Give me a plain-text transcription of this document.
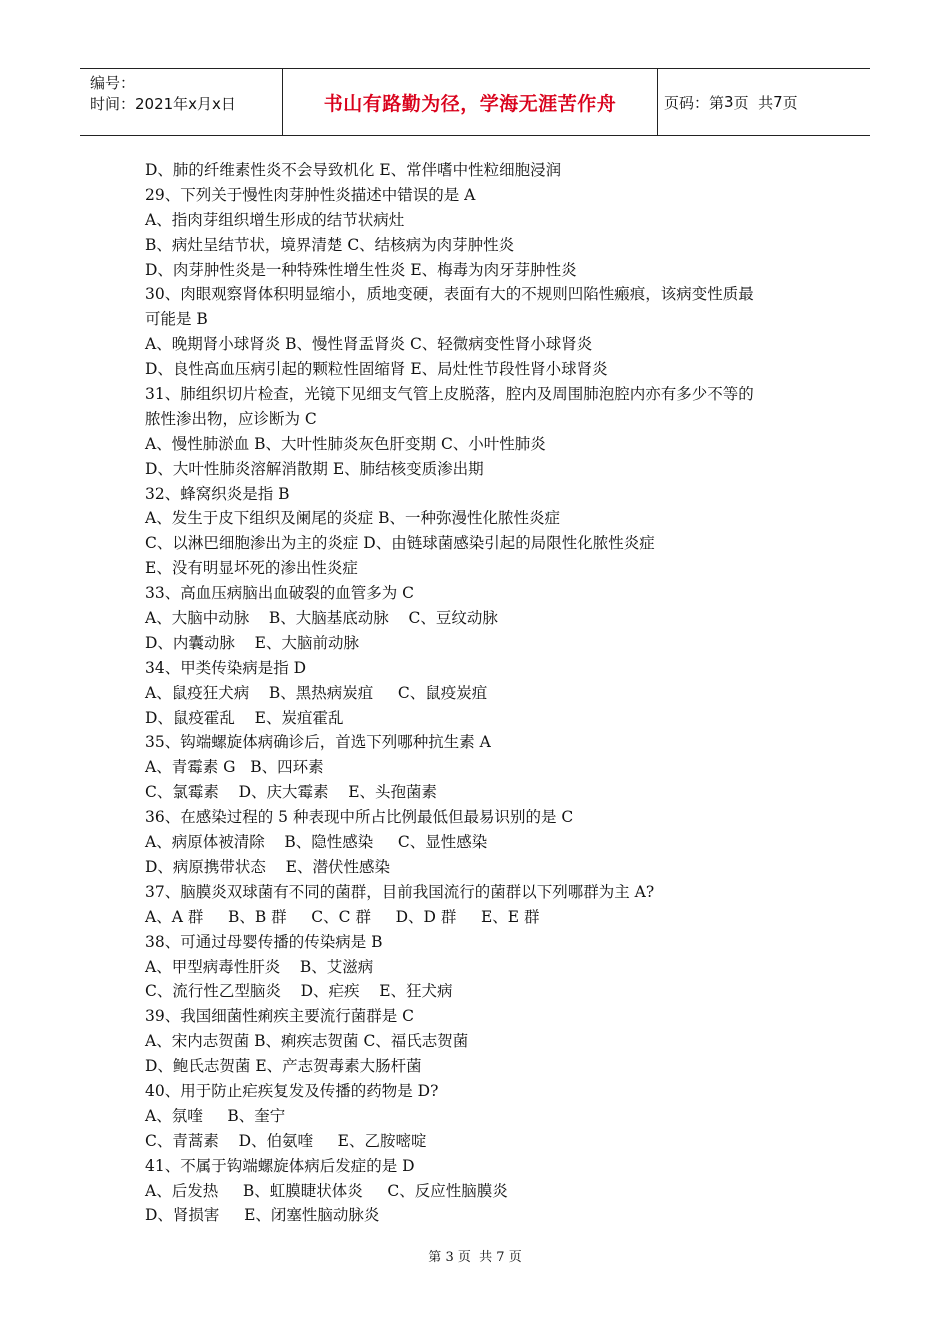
编号：
时间：2021年x月x日	书山有路勤为径，学海无涯苦作舟	页码：第 3 页  共 7 页
D、肺的纤维素性炎不会导致机化 E、常伴嗜中性粒细胞浸润
29、下列关于慢性肉芽肿性炎描述中错误的是 A
A、指肉芽组织增生形成的结节状病灶
B、病灶呈结节状，境界清楚 C、结核病为肉芽肿性炎
D、肉芽肿性炎是一种特殊性增生性炎 E、梅毒为肉牙芽肿性炎
30、肉眼观察肾体积明显缩小，质地变硬，表面有大的不规则凹陷性瘢痕，该病变性质最
可能是 B
A、晚期肾小球肾炎 B、慢性肾盂肾炎 C、轻微病变性肾小球肾炎
D、良性高血压病引起的颗粒性固缩肾 E、局灶性节段性肾小球肾炎
31、肺组织切片检查，光镜下见细支气管上皮脱落，腔内及周围肺泡腔内亦有多少不等的
脓性渗出物，应诊断为 C
A、慢性肺淤血 B、大叶性肺炎灰色肝变期 C、小叶性肺炎
D、大叶性肺炎溶解消散期 E、肺结核变质渗出期
32、蜂窝织炎是指 B
A、发生于皮下组织及阑尾的炎症 B、一种弥漫性化脓性炎症
C、以淋巴细胞渗出为主的炎症 D、由链球菌感染引起的局限性化脓性炎症
E、没有明显坏死的渗出性炎症
33、高血压病脑出血破裂的血管多为 C
A、大脑中动脉    B、大脑基底动脉    C、豆纹动脉
D、内囊动脉    E、大脑前动脉
34、甲类传染病是指 D
A、鼠疫狂犬病    B、黑热病炭疽     C、鼠疫炭疽
D、鼠疫霍乱    E、炭疽霍乱
35、钩端螺旋体病确诊后，首选下列哪种抗生素 A
A、青霉素 G   B、四环素
C、氯霉素    D、庆大霉素    E、头孢菌素
36、在感染过程的 5 种表现中所占比例最低但最易识别的是 C
A、病原体被清除    B、隐性感染     C、显性感染
D、病原携带状态    E、潜伏性感染
37、脑膜炎双球菌有不同的菌群，目前我国流行的菌群以下列哪群为主 A?
A、A 群     B、B 群     C、C 群     D、D 群     E、E 群
38、可通过母婴传播的传染病是 B
A、甲型病毒性肝炎    B、艾滋病
C、流行性乙型脑炎    D、疟疾    E、狂犬病
39、我国细菌性痢疾主要流行菌群是 C
A、宋内志贺菌 B、痢疾志贺菌 C、福氏志贺菌
D、鲍氏志贺菌 E、产志贺毒素大肠杆菌
40、用于防止疟疾复发及传播的药物是 D?
A、氛喹     B、奎宁
C、青蒿素    D、伯氨喹     E、乙胺嘧啶
41、不属于钩端螺旋体病后发症的是 D
A、后发热     B、虹膜睫状体炎     C、反应性脑膜炎
D、肾损害     E、闭塞性脑动脉炎
第 3 页  共 7 页
